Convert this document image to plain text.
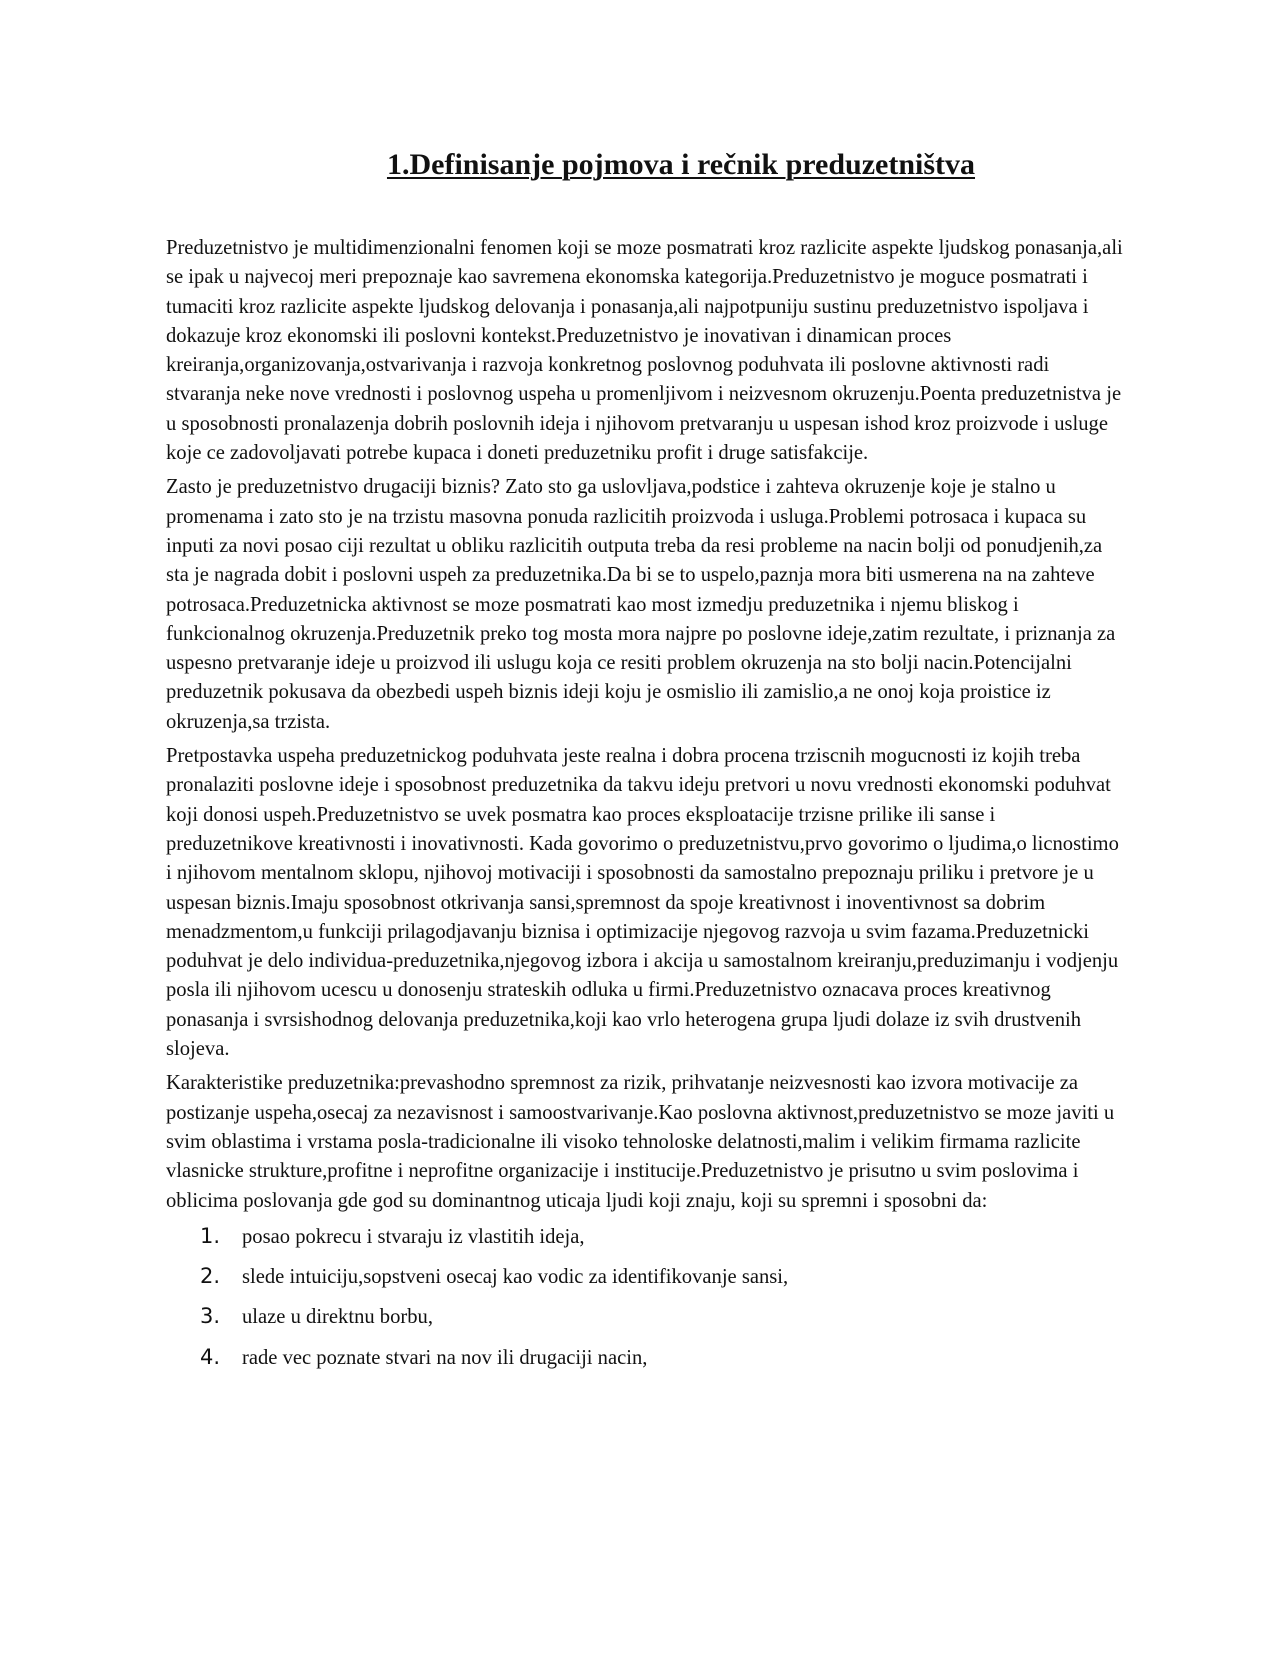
1.Definisanje pojmova i rečnik preduzetništva

Preduzetnistvo je multidimenzionalni fenomen koji se moze posmatrati kroz razlicite aspekte ljudskog ponasanja,ali se ipak u najvecoj meri prepoznaje kao savremena ekonomska kategorija.Preduzetnistvo je moguce posmatrati i tumaciti kroz razlicite aspekte ljudskog delovanja i ponasanja,ali najpotpuniju sustinu preduzetnistvo ispoljava i dokazuje kroz ekonomski ili poslovni kontekst.Preduzetnistvo je inovativan i dinamican proces kreiranja,organizovanja,ostvarivanja i razvoja konkretnog poslovnog poduhvata ili poslovne aktivnosti radi stvaranja neke nove vrednosti i poslovnog uspeha u promenljivom i neizvesnom okruzenju.Poenta preduzetnistva je u sposobnosti pronalazenja dobrih poslovnih ideja i njihovom pretvaranju u uspesan ishod kroz proizvode i usluge koje ce zadovoljavati potrebe kupaca i doneti preduzetniku profit i druge satisfakcije.

Zasto je preduzetnistvo drugaciji biznis? Zato sto ga uslovljava,podstice i zahteva okruzenje koje je stalno u promenama i zato sto je na trzistu masovna ponuda razlicitih proizvoda i usluga.Problemi potrosaca i kupaca su inputi za novi posao ciji rezultat u obliku razlicitih outputa treba da resi probleme na nacin bolji od ponudjenih,za sta je nagrada dobit i poslovni uspeh za preduzetnika.Da bi se to uspelo,paznja mora biti usmerena na na zahteve potrosaca.Preduzetnicka aktivnost se moze posmatrati kao most izmedju preduzetnika i njemu bliskog i funkcionalnog okruzenja.Preduzetnik preko tog mosta mora najpre po poslovne ideje,zatim rezultate, i priznanja za uspesno pretvaranje ideje u proizvod ili uslugu koja ce resiti problem okruzenja na sto bolji nacin.Potencijalni preduzetnik pokusava da obezbedi uspeh biznis ideji koju je osmislio ili zamislio,a ne onoj koja proistice iz okruzenja,sa trzista.

Pretpostavka uspeha preduzetnickog poduhvata jeste realna i dobra procena trziscnih mogucnosti iz kojih treba pronalaziti poslovne ideje i sposobnost preduzetnika da takvu ideju pretvori u novu vrednosti ekonomski poduhvat koji donosi uspeh.Preduzetnistvo se uvek posmatra kao proces eksploatacije trzisne prilike ili sanse i preduzetnikove kreativnosti i inovativnosti. Kada govorimo o preduzetnistvu,prvo govorimo o ljudima,o licnostimo i njihovom mentalnom sklopu, njihovoj motivaciji i sposobnosti da samostalno prepoznaju priliku i pretvore je u uspesan biznis.Imaju sposobnost otkrivanja sansi,spremnost da spoje kreativnost i inoventivnost sa dobrim menadzmentom,u funkciji prilagodjavanju biznisa i optimizacije njegovog razvoja u svim fazama.Preduzetnicki poduhvat je delo individua-preduzetnika,njegovog izbora i akcija u samostalnom kreiranju,preduzimanju i vodjenju posla ili njihovom ucescu u donosenju strateskih odluka u firmi.Preduzetnistvo oznacava proces kreativnog ponasanja i svrsishodnog delovanja preduzetnika,koji kao vrlo heterogena grupa ljudi dolaze iz svih drustvenih slojeva.

Karakteristike preduzetnika:prevashodno spremnost za rizik, prihvatanje neizvesnosti kao izvora motivacije za postizanje uspeha,osecaj za nezavisnost i samoostvarivanje.Kao poslovna aktivnost,preduzetnistvo se moze javiti u svim oblastima i vrstama posla-tradicionalne ili visoko tehnoloske delatnosti,malim i velikim firmama razlicite vlasnicke strukture,profitne i neprofitne organizacije i institucije.Preduzetnistvo je prisutno u svim poslovima i oblicima poslovanja gde god su dominantnog uticaja ljudi koji znaju, koji su spremni i sposobni da:

1.	posao pokrecu i stvaraju iz vlastitih ideja,
2.	slede intuiciju,sopstveni osecaj kao vodic za identifikovanje sansi,
3.	ulaze u direktnu borbu,
4.	rade vec poznate stvari na nov ili drugaciji nacin,
